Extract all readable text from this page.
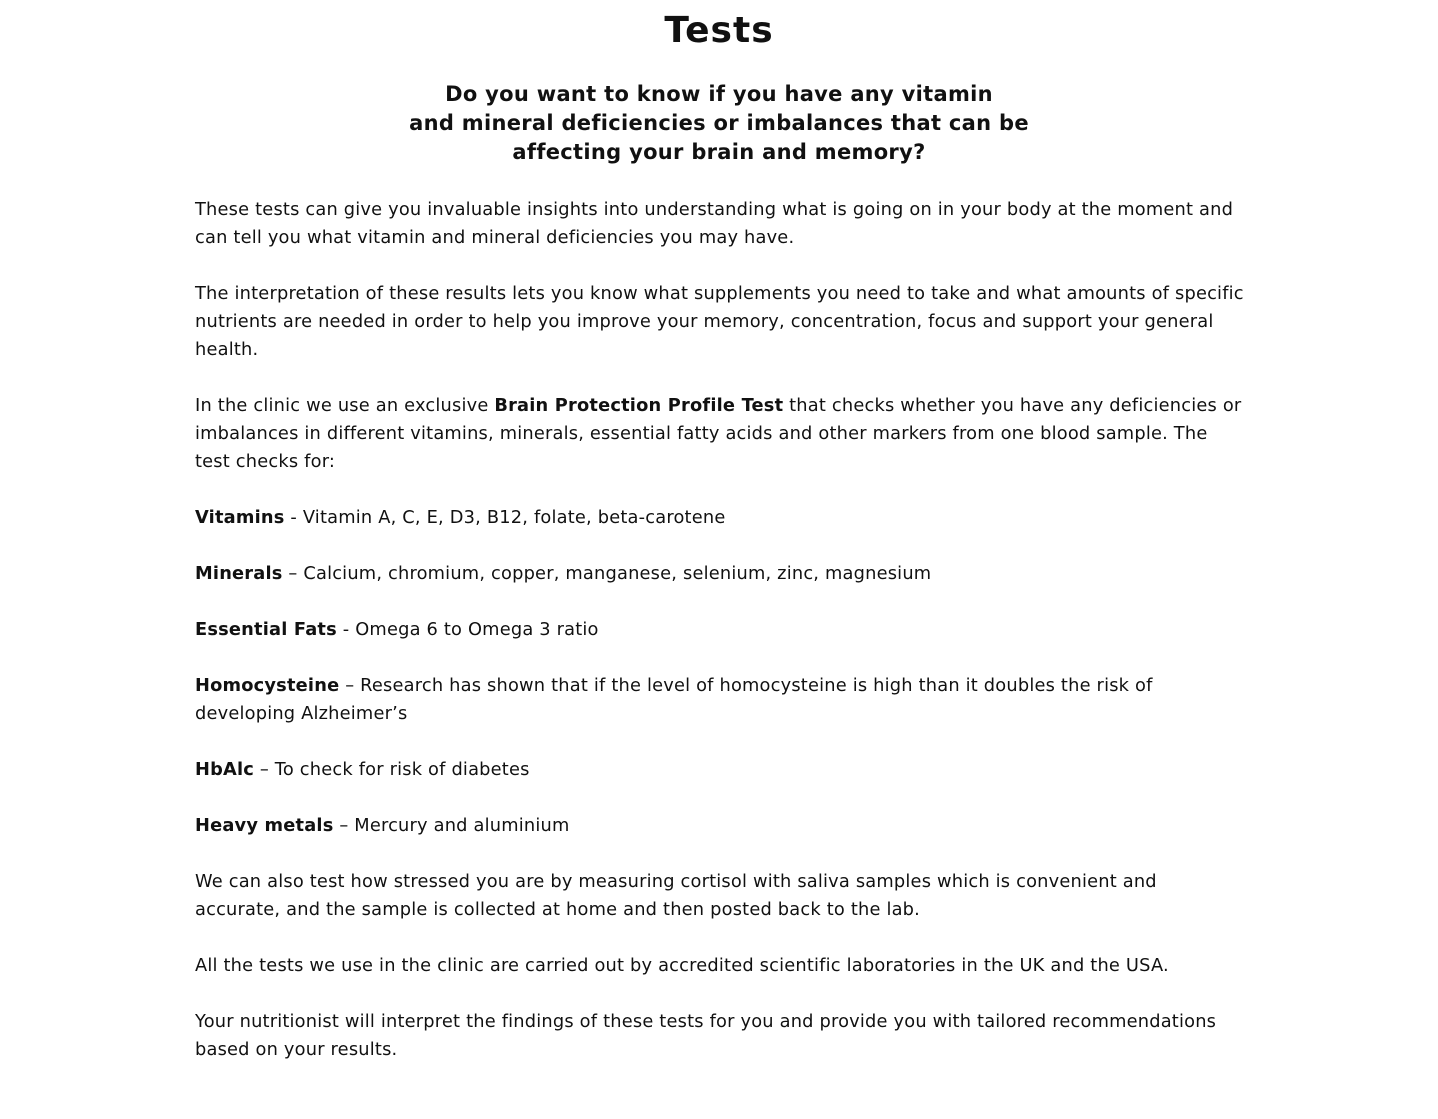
Tests
Do you want to know if you have any vitamin
and mineral deficiencies or imbalances that can be
affecting your brain and memory?

These tests can give you invaluable insights into understanding what is going on in your body at the moment and can tell you what vitamin and mineral deficiencies you may have.

The interpretation of these results lets you know what supplements you need to take and what amounts of specific nutrients are needed in order to help you improve your memory, concentration, focus and support your general health.

In the clinic we use an exclusive Brain Protection Profile Test that checks whether you have any deficiencies or imbalances in different vitamins, minerals, essential fatty acids and other markers from one blood sample. The test checks for:

Vitamins - Vitamin A, C, E, D3, B12, folate, beta-carotene

Minerals – Calcium, chromium, copper, manganese, selenium, zinc, magnesium

Essential Fats - Omega 6 to Omega 3 ratio

Homocysteine – Research has shown that if the level of homocysteine is high than it doubles the risk of developing Alzheimer’s

HbAlc – To check for risk of diabetes

Heavy metals – Mercury and aluminium

We can also test how stressed you are by measuring cortisol with saliva samples which is convenient and accurate, and the sample is collected at home and then posted back to the lab.

All the tests we use in the clinic are carried out by accredited scientific laboratories in the UK and the USA.

Your nutritionist will interpret the findings of these tests for you and provide you with tailored recommendations based on your results.
